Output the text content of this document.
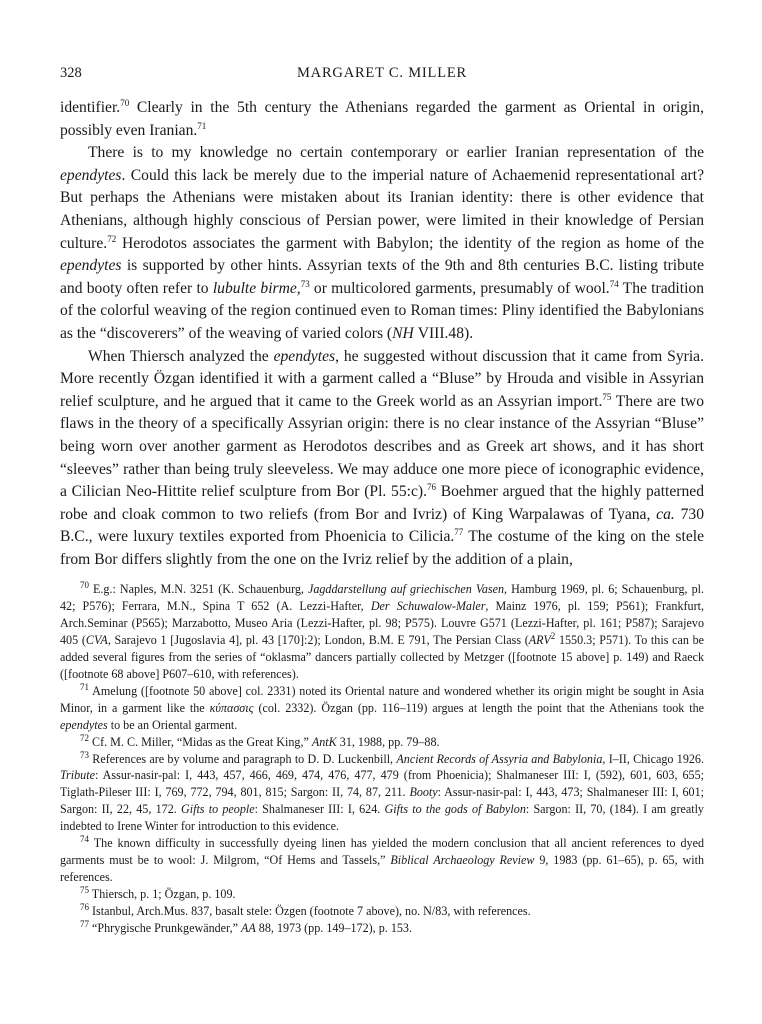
328	MARGARET C. MILLER

identifier.$^{70}$ Clearly in the 5th century the Athenians regarded the garment as Oriental in origin, possibly even Iranian.$^{71}$

There is to my knowledge no certain contemporary or earlier Iranian representation of the ependytes. Could this lack be merely due to the imperial nature of Achaemenid representational art? But perhaps the Athenians were mistaken about its Iranian identity: there is other evidence that Athenians, although highly conscious of Persian power, were limited in their knowledge of Persian culture.$^{72}$ Herodotos associates the garment with Babylon; the identity of the region as home of the ependytes is supported by other hints. Assyrian texts of the 9th and 8th centuries B.C. listing tribute and booty often refer to lubulte birme,$^{73}$ or multicolored garments, presumably of wool.$^{74}$ The tradition of the colorful weaving of the region continued even to Roman times: Pliny identified the Babylonians as the “discoverers” of the weaving of varied colors (NH VIII.48).

When Thiersch analyzed the ependytes, he suggested without discussion that it came from Syria. More recently Özgan identified it with a garment called a “Bluse” by Hrouda and visible in Assyrian relief sculpture, and he argued that it came to the Greek world as an Assyrian import.$^{75}$ There are two flaws in the theory of a specifically Assyrian origin: there is no clear instance of the Assyrian “Bluse” being worn over another garment as Herodotos describes and as Greek art shows, and it has short “sleeves” rather than being truly sleeveless. We may adduce one more piece of iconographic evidence, a Cilician Neo-Hittite relief sculpture from Bor (Pl. 55:c).$^{76}$ Boehmer argued that the highly patterned robe and cloak common to two reliefs (from Bor and Ivriz) of King Warpalawas of Tyana, ca. 730 B.C., were luxury textiles exported from Phoenicia to Cilicia.$^{77}$ The costume of the king on the stele from Bor differs slightly from the one on the Ivriz relief by the addition of a plain,

$^{70}$ E.g.: Naples, M.N. 3251 (K. Schauenburg, Jagddarstellung auf griechischen Vasen, Hamburg 1969, pl. 6; Schauenburg, pl. 42; P576); Ferrara, M.N., Spina T 652 (A. Lezzi-Hafter, Der Schuwalow-Maler, Mainz 1976, pl. 159; P561); Frankfurt, Arch.Seminar (P565); Marzabotto, Museo Aria (Lezzi-Hafter, pl. 98; P575). Louvre G571 (Lezzi-Hafter, pl. 161; P587); Sarajevo 405 (CVA, Sarajevo 1 [Jugoslavia 4], pl. 43 [170]:2); London, B.M. E 791, The Persian Class (ARV$^2$ 1550.3; P571). To this can be added several figures from the series of “oklasma” dancers partially collected by Metzger ([footnote 15 above] p. 149) and Raeck ([footnote 68 above] P607–610, with references).

$^{71}$ Amelung ([footnote 50 above] col. 2331) noted its Oriental nature and wondered whether its origin might be sought in Asia Minor, in a garment like the κύπασσις (col. 2332). Özgan (pp. 116–119) argues at length the point that the Athenians took the ependytes to be an Oriental garment.

$^{72}$ Cf. M. C. Miller, “Midas as the Great King,” AntK 31, 1988, pp. 79–88.

$^{73}$ References are by volume and paragraph to D. D. Luckenbill, Ancient Records of Assyria and Babylonia, I–II, Chicago 1926. Tribute: Assur-nasir-pal: I, 443, 457, 466, 469, 474, 476, 477, 479 (from Phoenicia); Shalmaneser III: I, (592), 601, 603, 655; Tiglath-Pileser III: I, 769, 772, 794, 801, 815; Sargon: II, 74, 87, 211. Booty: Assur-nasir-pal: I, 443, 473; Shalmaneser III: I, 601; Sargon: II, 22, 45, 172. Gifts to people: Shalmaneser III: I, 624. Gifts to the gods of Babylon: Sargon: II, 70, (184). I am greatly indebted to Irene Winter for introduction to this evidence.

$^{74}$ The known difficulty in successfully dyeing linen has yielded the modern conclusion that all ancient references to dyed garments must be to wool: J. Milgrom, “Of Hems and Tassels,” Biblical Archaeology Review 9, 1983 (pp. 61–65), p. 65, with references.

$^{75}$ Thiersch, p. 1; Özgan, p. 109.

$^{76}$ Istanbul, Arch.Mus. 837, basalt stele: Özgen (footnote 7 above), no. N/83, with references.

$^{77}$ “Phrygische Prunkgewänder,” AA 88, 1973 (pp. 149–172), p. 153.
